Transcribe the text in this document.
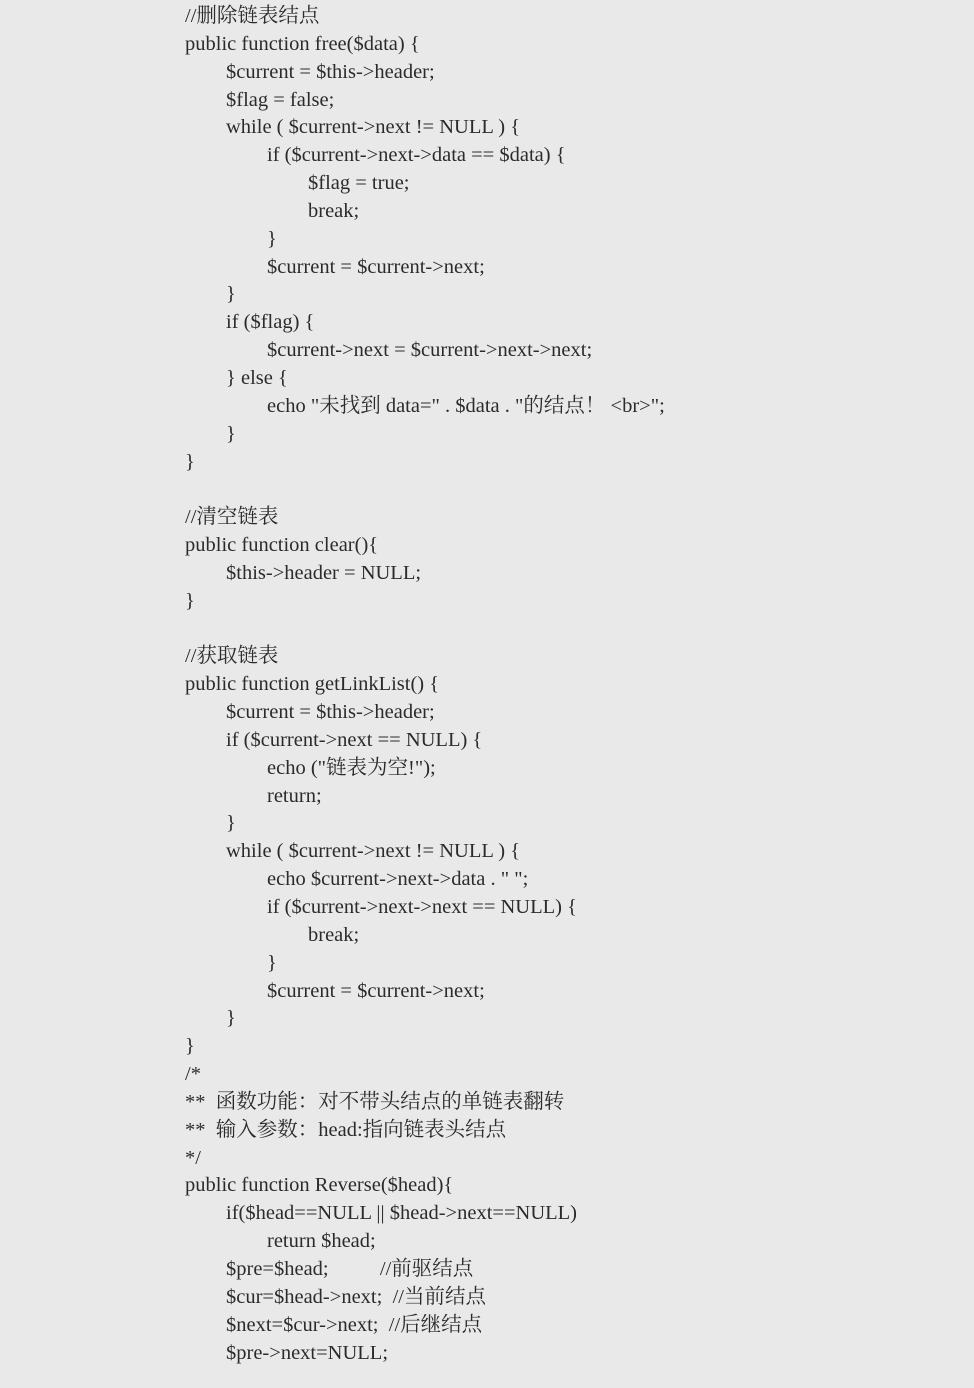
//删除链表结点
public function free($data) {
$current = $this->header;
$flag = false;
while ( $current->next != NULL ) {
if ($current->next->data == $data) {
$flag = true;
break;
}
$current = $current->next;
}
if ($flag) {
$current->next = $current->next->next;
} else {
echo "未找到 data=" . $data . "的结点！ <br>";
}
}
//清空链表
public function clear(){
$this->header = NULL;
}
//获取链表
public function getLinkList() {
$current = $this->header;
if ($current->next == NULL) {
echo ("链表为空!");
return;
}
while ( $current->next != NULL ) {
echo $current->next->data . " ";
if ($current->next->next == NULL) {
break;
}
$current = $current->next;
}
}
/*
**  函数功能：对不带头结点的单链表翻转
**  输入参数：head:指向链表头结点
*/
public function Reverse($head){
if($head==NULL || $head->next==NULL)
return $head;
$pre=$head;          //前驱结点
$cur=$head->next;  //当前结点
$next=$cur->next;  //后继结点
$pre->next=NULL;
